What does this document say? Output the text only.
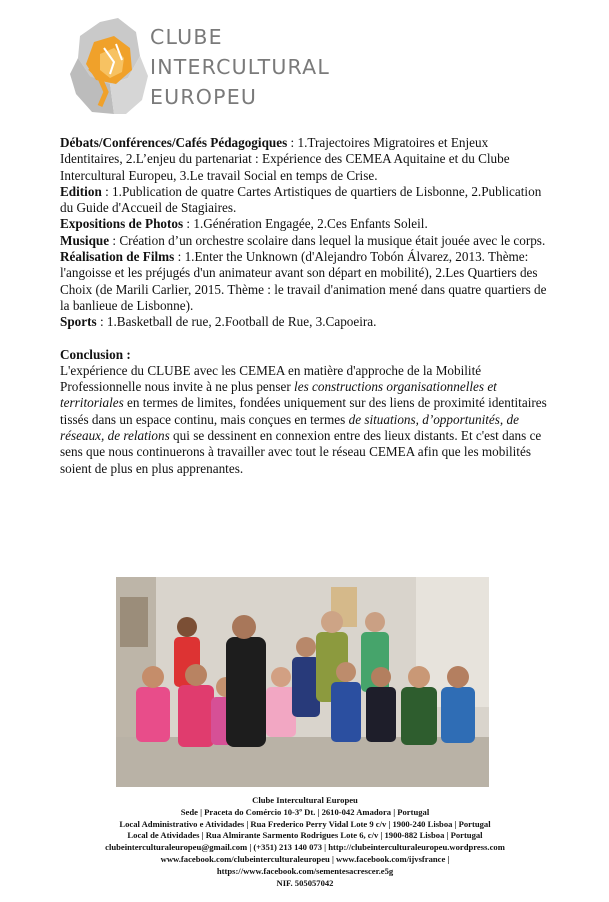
CLUBE
INTERCULTURAL
EUROPEU

Débats/Conférences/Cafés Pédagogiques : 1.Trajectoires Migratoires et Enjeux Identitaires, 2.L’enjeu du partenariat : Expérience des CEMEA Aquitaine et du Clube Intercultural Europeu, 3.Le travail Social en temps de Crise.

Edition : 1.Publication de quatre Cartes Artistiques de quartiers de Lisbonne, 2.Publication du Guide d'Accueil de Stagiaires.

Expositions de Photos : 1.Génération Engagée, 2.Ces Enfants Soleil.

Musique : Création d’un orchestre scolaire dans lequel la musique était jouée avec le corps.

Réalisation de Films : 1.Enter the Unknown (d'Alejandro Tobón Álvarez, 2013. Thème: l'angoisse et les préjugés d'un animateur avant son départ en mobilité), 2.Les Quartiers des Choix (de Marili Carlier, 2015. Thème : le travail d'animation mené dans quatre quartiers de la banlieue de Lisbonne).

Sports : 1.Basketball de rue, 2.Football de Rue, 3.Capoeira.

Conclusion :

L'expérience du CLUBE avec les CEMEA en matière d'approche de la Mobilité Professionnelle nous invite à ne plus penser les constructions organisationnelles et territoriales en termes de limites, fondées uniquement sur des liens de proximité identitaires tissés dans un espace continu, mais conçues en termes de situations, d’opportunités, de réseaux, de relations qui se dessinent en connexion entre des lieux distants. Et c'est dans ce sens que nous continuerons à travailler avec tout le réseau CEMEA afin que les mobilités soient de plus en plus apprenantes.

Clube Intercultural Europeu
Sede | Praceta do Comércio 10-3º Dt. | 2610-042 Amadora | Portugal
Local Administrativo e Atividades | Rua Frederico Perry Vidal Lote 9 c/v | 1900-240 Lisboa | Portugal
Local de Atividades | Rua Almirante Sarmento Rodrigues Lote 6, c/v | 1900-882 Lisboa | Portugal
clubeinterculturaleuropeu@gmail.com | (+351) 213 140 073 | http://clubeinterculturaleuropeu.wordpress.com
www.facebook.com/clubeinterculturaleuropeu | www.facebook.com/ijvsfrance |
https://www.facebook.com/sementesacrescer.e5g
NIF. 505057042
